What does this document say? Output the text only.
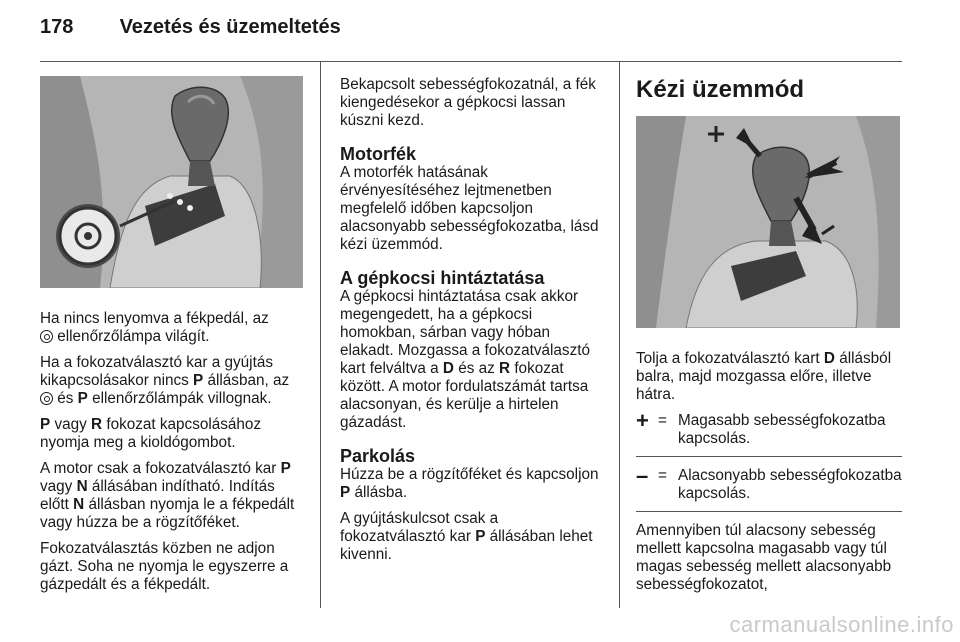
178 Vezetés és üzemeltetés

Ha nincs lenyomva a fékpedál, az
ellenőrzőlámpa világít.

Ha a fokozatválasztó kar a gyújtás kikapcsolásakor nincs P állásban, az
és P ellenőrzőlámpák villognak.

P vagy R fokozat kapcsolásához nyomja meg a kioldógombot.

A motor csak a fokozatválasztó kar P vagy N állásában indítható. Indítás előtt N állásban nyomja le a fékpedált vagy húzza be a rögzítőféket.

Fokozatválasztás közben ne adjon gázt. Soha ne nyomja le egyszerre a gázpedált és a fékpedált.

Bekapcsolt sebességfokozatnál, a fék kiengedésekor a gépkocsi lassan kúszni kezd.

Motorfék

A motorfék hatásának érvényesítéséhez lejtmenetben megfelelő időben kapcsoljon alacsonyabb sebességfokozatba, lásd kézi üzemmód.

A gépkocsi hintáztatása

A gépkocsi hintáztatása csak akkor megengedett, ha a gépkocsi homokban, sárban vagy hóban elakadt. Mozgassa a fokozatválasztó kart felváltva a D és az R fokozat között. A motor fordulatszámát tartsa alacsonyan, és kerülje a hirtelen gázadást.

Parkolás

Húzza be a rögzítőféket és kapcsoljon P állásba.

A gyújtáskulcsot csak a fokozatválasztó kar P állásában lehet kivenni.

Kézi üzemmód

Tolja a fokozatválasztó kart D állásból balra, majd mozgassa előre, illetve hátra.

+ = Magasabb sebességfokozatba kapcsolás.
– = Alacsonyabb sebességfokozatba kapcsolás.

Amennyiben túl alacsony sebesség mellett kapcsolna magasabb vagy túl magas sebesség mellett alacsonyabb sebességfokozatot,

carmanualsonline.info
